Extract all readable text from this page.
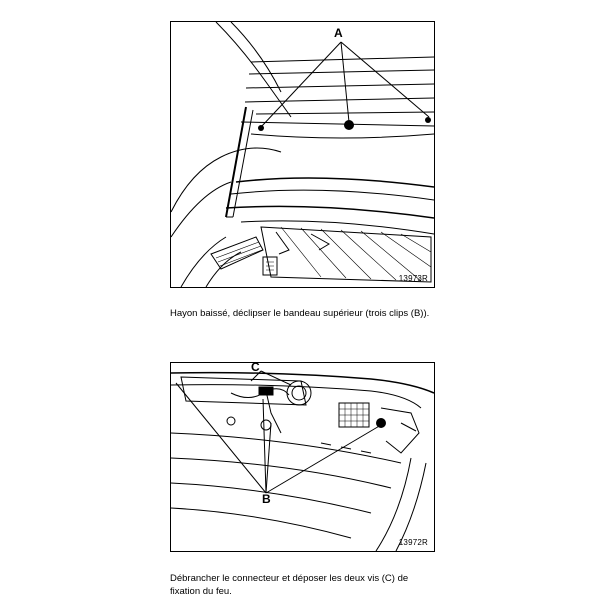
A
13973R

Hayon baissé, déclipser le bandeau supérieur (trois clips (B)).

C
B
13972R

Débrancher le connecteur et déposer les deux vis (C) de fixation du feu.
